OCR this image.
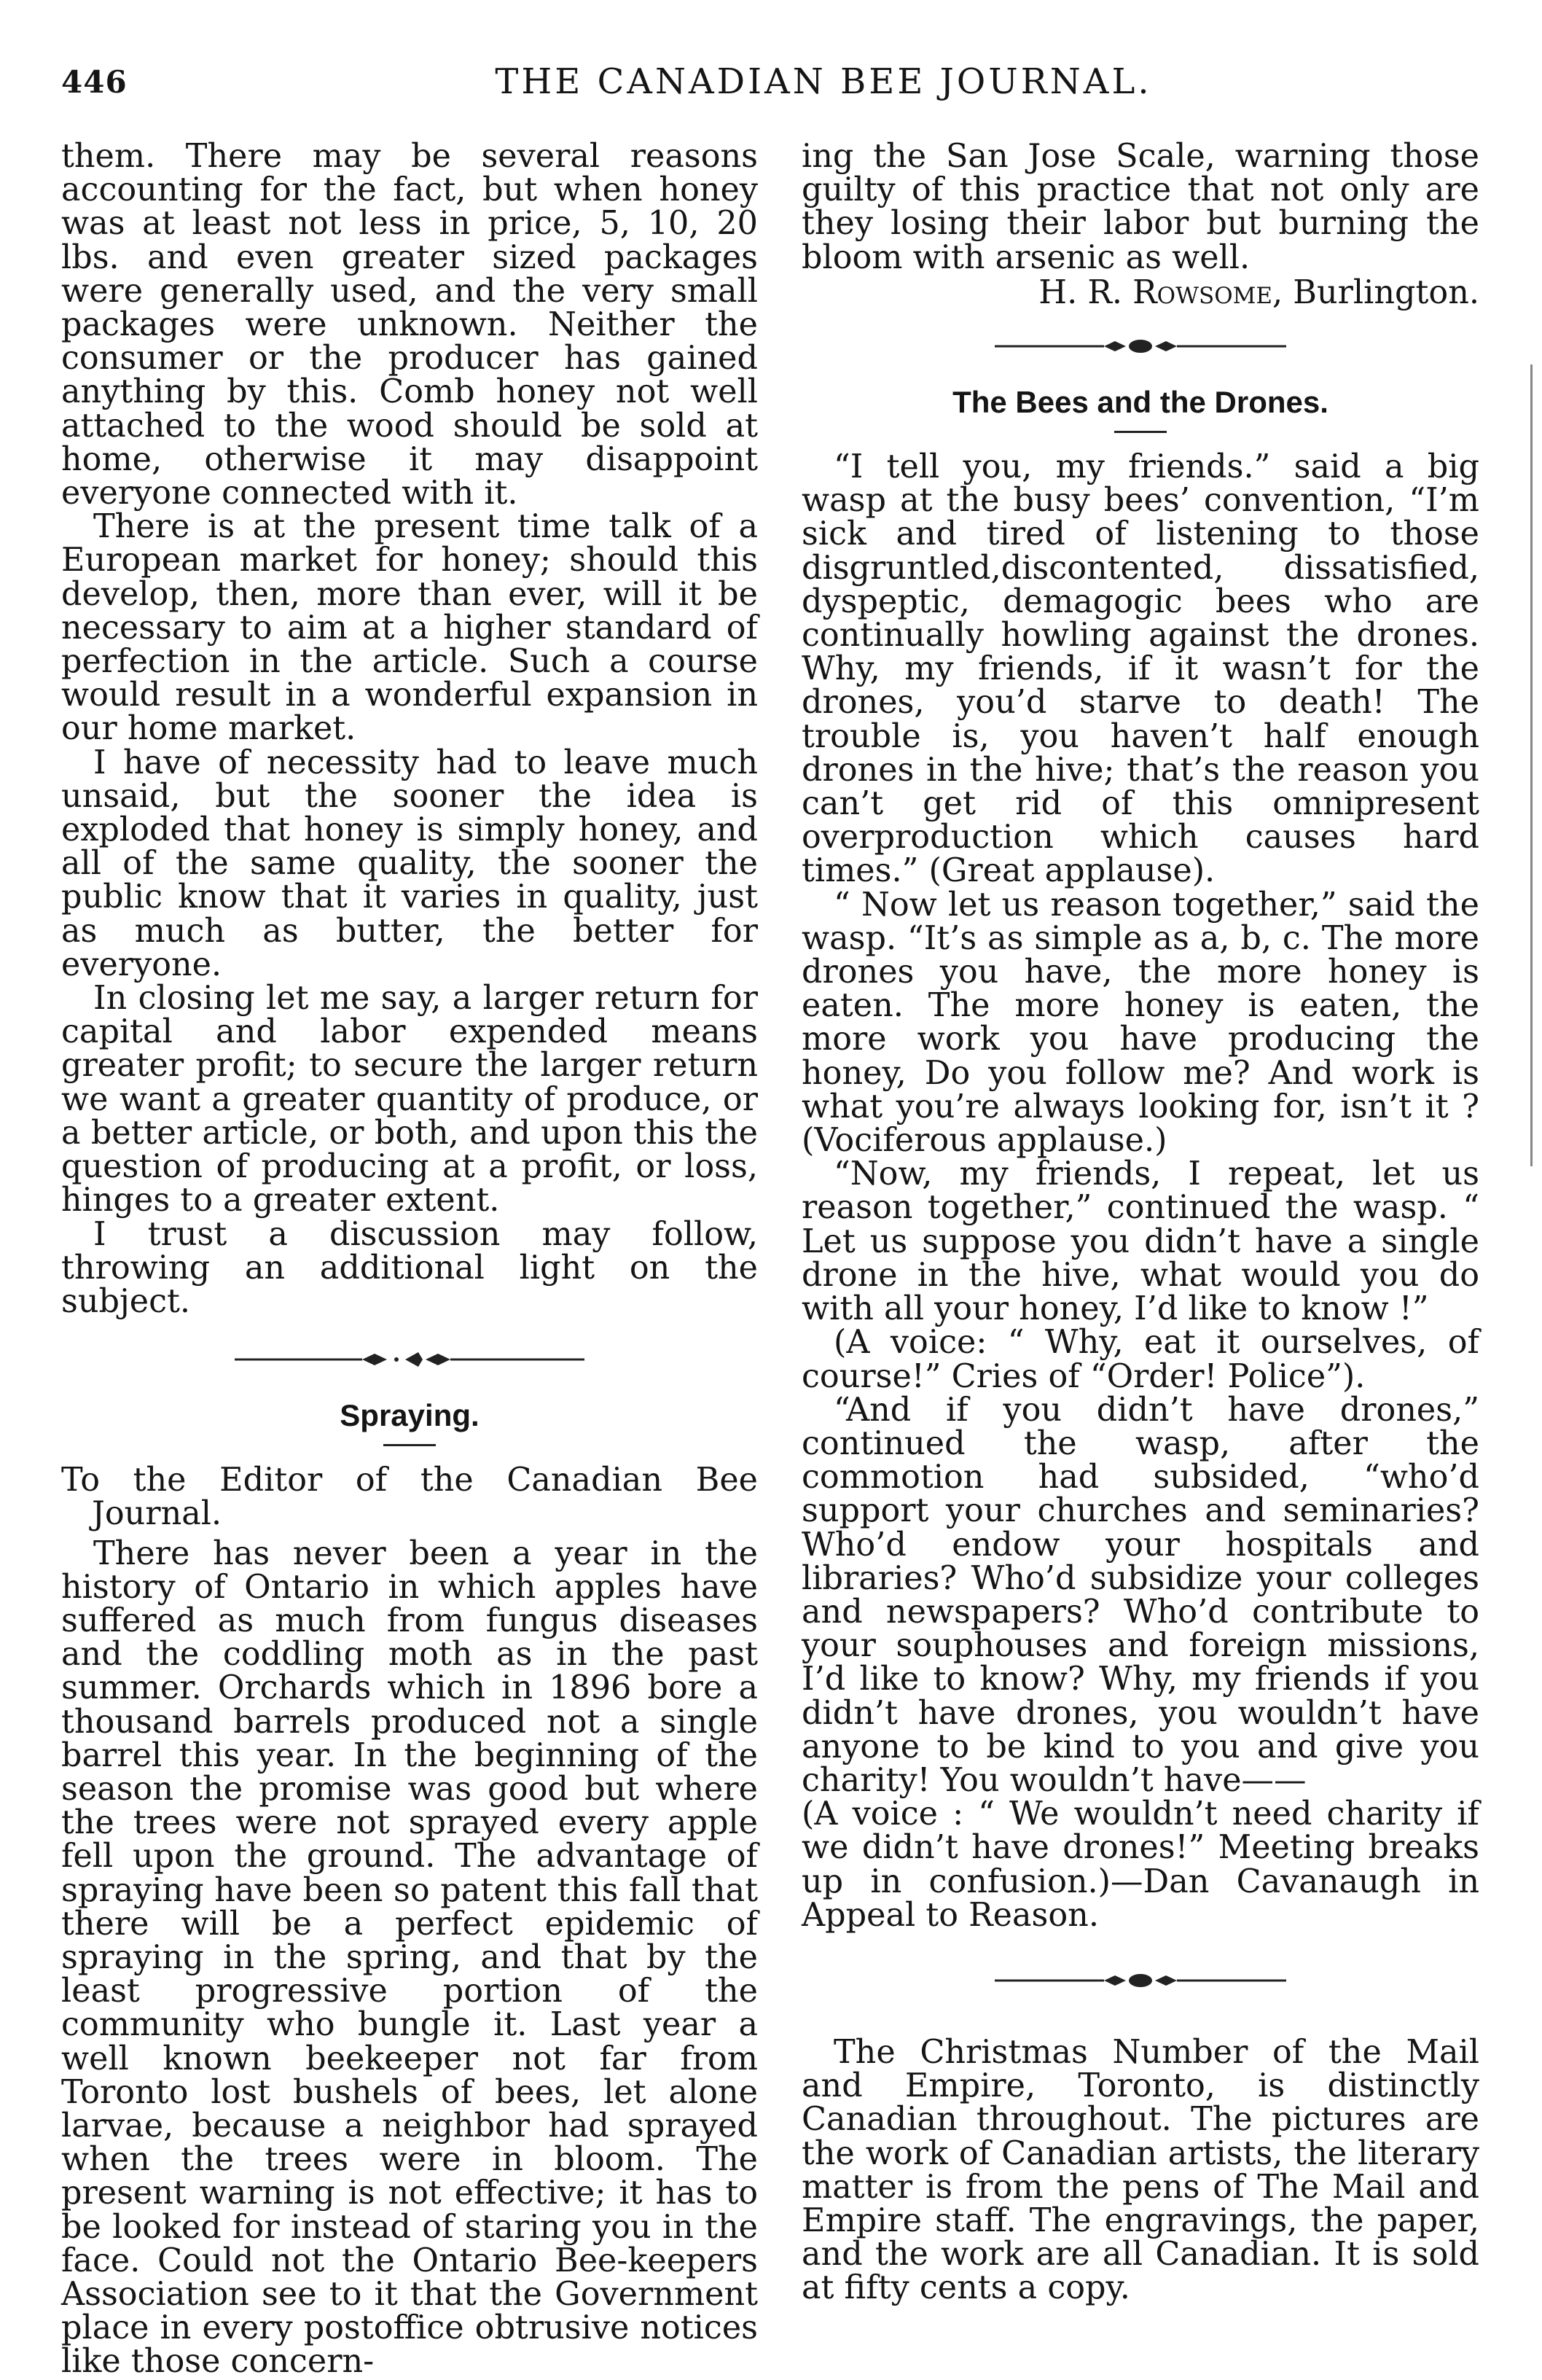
446	THE CANADIAN BEE JOURNAL.

them. There may be several reasons accounting for the fact, but when honey was at least not less in price, 5, 10, 20 lbs. and even greater sized packages were generally used, and the very small packages were unknown. Neither the consumer or the producer has gained anything by this. Comb honey not well attached to the wood should be sold at home, otherwise it may disappoint everyone connected with it.

There is at the present time talk of a European market for honey; should this develop, then, more than ever, will it be necessary to aim at a higher standard of perfection in the article. Such a course would result in a wonderful expansion in our home market.

I have of necessity had to leave much unsaid, but the sooner the idea is exploded that honey is simply honey, and all of the same quality, the sooner the public know that it varies in quality, just as much as butter, the better for everyone.

In closing let me say, a larger return for capital and labor expended means greater profit; to secure the larger return we want a greater quantity of produce, or a better article, or both, and upon this the question of producing at a profit, or loss, hinges to a greater extent.

I trust a discussion may follow, throwing an additional light on the subject.

Spraying.

To the Editor of the Canadian Bee Journal.

There has never been a year in the history of Ontario in which apples have suffered as much from fungus diseases and the coddling moth as in the past summer. Orchards which in 1896 bore a thousand barrels produced not a single barrel this year. In the beginning of the season the promise was good but where the trees were not sprayed every apple fell upon the ground. The advantage of spraying have been so patent this fall that there will be a perfect epidemic of spraying in the spring, and that by the least progressive portion of the community who bungle it. Last year a well known beekeeper not far from Toronto lost bushels of bees, let alone larvae, because a neighbor had sprayed when the trees were in bloom. The present warning is not effective; it has to be looked for instead of staring you in the face. Could not the Ontario Bee-keepers Association see to it that the Government place in every postoffice obtrusive notices like those concern-

ing the San Jose Scale, warning those guilty of this practice that not only are they losing their labor but burning the bloom with arsenic as well.

H. R. Rowsome, Burlington.

The Bees and the Drones.

“I tell you, my friends.” said a big wasp at the busy bees’ convention, “I’m sick and tired of listening to those disgruntled,discontented, dissatisfied, dyspeptic, demagogic bees who are continually howling against the drones. Why, my friends, if it wasn’t for the drones, you’d starve to death! The trouble is, you haven’t half enough drones in the hive; that’s the reason you can’t get rid of this omnipresent overproduction which causes hard times.” (Great applause).

“ Now let us reason together,” said the wasp. “It’s as simple as a, b, c. The more drones you have, the more honey is eaten. The more honey is eaten, the more work you have producing the honey, Do you follow me? And work is what you’re always looking for, isn’t it ? (Vociferous applause.)

“Now, my friends, I repeat, let us reason together,” continued the wasp. “ Let us suppose you didn’t have a single drone in the hive, what would you do with all your honey, I’d like to know !”

(A voice: “ Why, eat it ourselves, of course!” Cries of “Order! Police”).

“And if you didn’t have drones,” continued the wasp, after the commotion had subsided, “who’d support your churches and seminaries? Who’d endow your hospitals and libraries? Who’d subsidize your colleges and newspapers? Who’d contribute to your souphouses and foreign missions, I’d like to know? Why, my friends if you didn’t have drones, you wouldn’t have anyone to be kind to you and give you charity! You wouldn’t have——

(A voice : “ We wouldn’t need charity if we didn’t have drones!” Meeting breaks up in confusion.)—Dan Cavanaugh in Appeal to Reason.

The Christmas Number of the Mail and Empire, Toronto, is distinctly Canadian throughout. The pictures are the work of Canadian artists, the literary matter is from the pens of The Mail and Empire staff. The engravings, the paper, and the work are all Canadian. It is sold at fifty cents a copy.
